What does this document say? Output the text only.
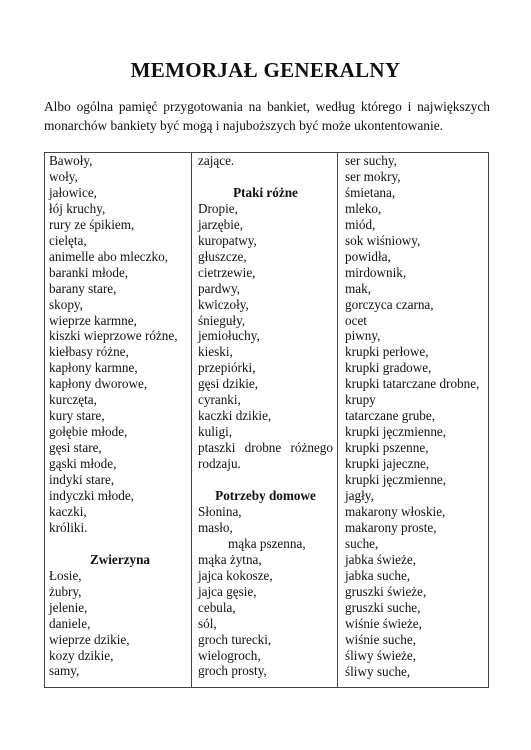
MEMORJAŁ GENERALNY
Albo ogólna pamięć przygotowania na bankiet, według którego i największych monarchów bankiety być mogą i najuboższych być może ukontentowanie.
Bawoły,
woły,
jałowice,
łój kruchy,
rury ze śpikiem,
cielęta,
animelle abo mleczko,
baranki młode,
barany stare,
skopy,
wieprze karmne,
kiszki wieprzowe różne,
kiełbasy różne,
kapłony karmne,
kapłony dworowe,
kurczęta,
kury stare,
gołębie młode,
gęsi stare,
gąski młode,
indyki stare,
indyczki młode,
kaczki,
króliki.
Zwierzyna
Łosie,
żubry,
jelenie,
daniele,
wieprze dzikie,
kozy dzikie,
samy,
zające.
Ptaki różne
Dropie,
jarzębie,
kuropatwy,
głuszcze,
cietrzewie,
pardwy,
kwiczoły,
śnieguły,
jemiołuchy,
kieski,
przepiórki,
gęsi dzikie,
cyranki,
kaczki dzikie,
kuligi,
ptaszki drobne różnego
rodzaju.
Potrzeby domowe
Słonina,
masło,
mąka pszenna,
mąka żytna,
jajca kokosze,
jajca gęsie,
cebula,
sól,
groch turecki,
wielogroch,
groch prosty,
ser suchy,
ser mokry,
śmietana,
mleko,
miód,
sok wiśniowy,
powidła,
mirdownik,
mak,
gorczyca czarna,
ocet
piwny,
krupki perłowe,
krupki gradowe,
krupki tatarczane drobne,
krupy
tatarczane grube,
krupki jęczmienne,
krupki pszenne,
krupki jajeczne,
krupki jęczmienne,
jagły,
makarony włoskie,
makarony proste,
suche,
jabka świeże,
jabka suche,
gruszki świeże,
gruszki suche,
wiśnie świeże,
wiśnie suche,
śliwy świeże,
śliwy suche,
